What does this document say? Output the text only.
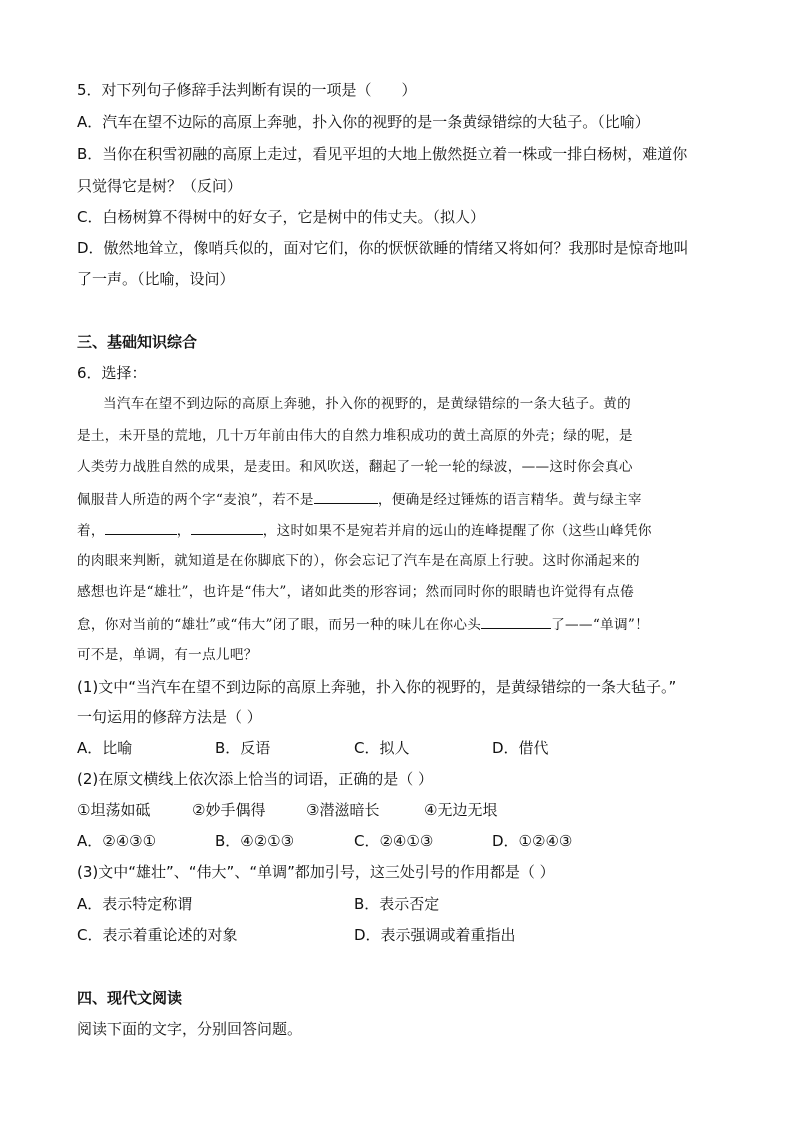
5．对下列句子修辞手法判断有误的一项是（　　）
A．汽车在望不边际的高原上奔驰，扑入你的视野的是一条黄绿错综的大毡子。（比喻）
B．当你在积雪初融的高原上走过，看见平坦的大地上傲然挺立着一株或一排白杨树，难道你
只觉得它是树？（反问）
C．白杨树算不得树中的好女子，它是树中的伟丈夫。（拟人）
D．傲然地耸立，像哨兵似的，面对它们，你的恹恹欲睡的情绪又将如何？我那时是惊奇地叫
了一声。（比喻，设问）
三、基础知识综合
6．选择：
当汽车在望不到边际的高原上奔驰，扑入你的视野的，是黄绿错综的一条大毡子。黄的
是土，未开垦的荒地，几十万年前由伟大的自然力堆积成功的黄土高原的外壳；绿的呢，是
人类劳力战胜自然的成果，是麦田。和风吹送，翻起了一轮一轮的绿波，——这时你会真心
佩服昔人所造的两个字“麦浪”，若不是	，便确是经过锤炼的语言精华。黄与绿主宰
着，	，	，这时如果不是宛若并肩的远山的连峰提醒了你（这些山峰凭你
的肉眼来判断，就知道是在你脚底下的），你会忘记了汽车是在高原上行驶。这时你涌起来的
感想也许是“雄壮”，也许是“伟大”，诸如此类的形容词；然而同时你的眼睛也许觉得有点倦
怠，你对当前的“雄壮”或“伟大”闭了眼，而另一种的味儿在你心头	了——“单调”！
可不是，单调，有一点儿吧？
(1)文中“当汽车在望不到边际的高原上奔驰，扑入你的视野的，是黄绿错综的一条大毡子。”
一句运用的修辞方法是（ ）
A．比喻	B．反语	C．拟人	D．借代
(2)在原文横线上依次添上恰当的词语，正确的是（ ）
①坦荡如砥	②妙手偶得	③潜滋暗长	④无边无垠
A．②④③①	B．④②①③	C．②④①③	D．①②④③
(3)文中“雄壮”、“伟大”、“单调”都加引号，这三处引号的作用都是（ ）
A．表示特定称谓	B．表示否定
C．表示着重论述的对象	D．表示强调或着重指出
四、现代文阅读
阅读下面的文字，分别回答问题。
